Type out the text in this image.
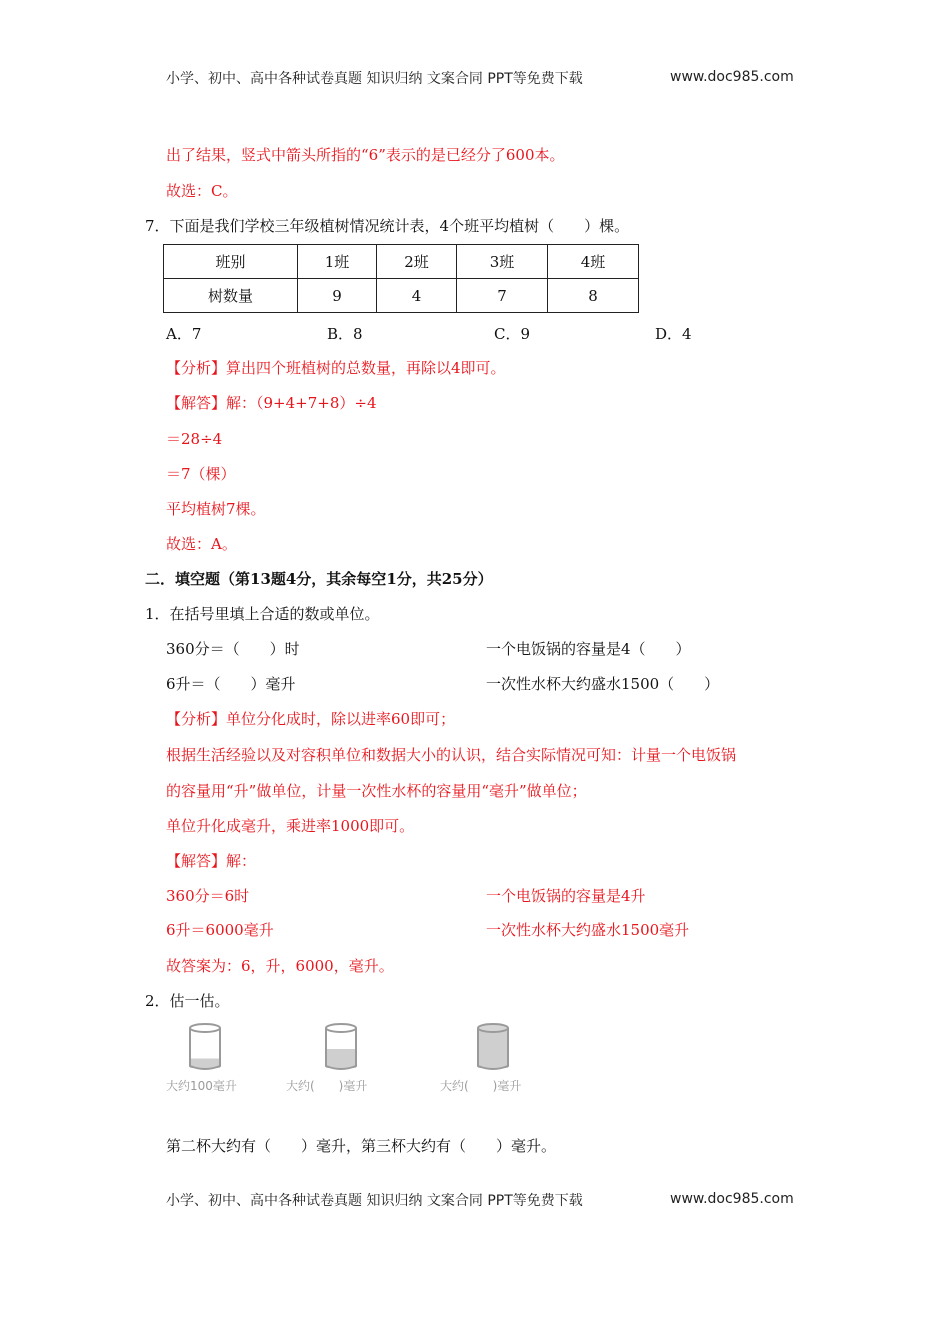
小学、初中、高中各种试卷真题 知识归纳 文案合同 PPT等免费下载	www.doc985.com
出了结果，竖式中箭头所指的“6”表示的是已经分了600本。
故选：C。
7．下面是我们学校三年级植树情况统计表，4个班平均植树（　　）棵。
班别	1班	2班	3班	4班
树数量	9	4	7	8
A．7	B．8	C．9	D．4
【分析】算出四个班植树的总数量，再除以4即可。
【解答】解：（9+4+7+8）÷4
＝28÷4
＝7（棵）
平均植树7棵。
故选：A。
二．填空题（第13题4分，其余每空1分，共25分）
1．在括号里填上合适的数或单位。
360分＝（　　）时	一个电饭锅的容量是4（　　）
6升＝（　　）毫升	一次性水杯大约盛水1500（　　）
【分析】单位分化成时，除以进率60即可；
根据生活经验以及对容积单位和数据大小的认识，结合实际情况可知：计量一个电饭锅
的容量用“升”做单位，计量一次性水杯的容量用“毫升”做单位；
单位升化成毫升，乘进率1000即可。
【解答】解：
360分＝6时	一个电饭锅的容量是4升
6升＝6000毫升	一次性水杯大约盛水1500毫升
故答案为：6，升，6000，毫升。
2．估一估。
大约100毫升	大约(　　)毫升	大约(　　)毫升
第二杯大约有（　　）毫升，第三杯大约有（　　）毫升。
小学、初中、高中各种试卷真题 知识归纳 文案合同 PPT等免费下载	www.doc985.com
